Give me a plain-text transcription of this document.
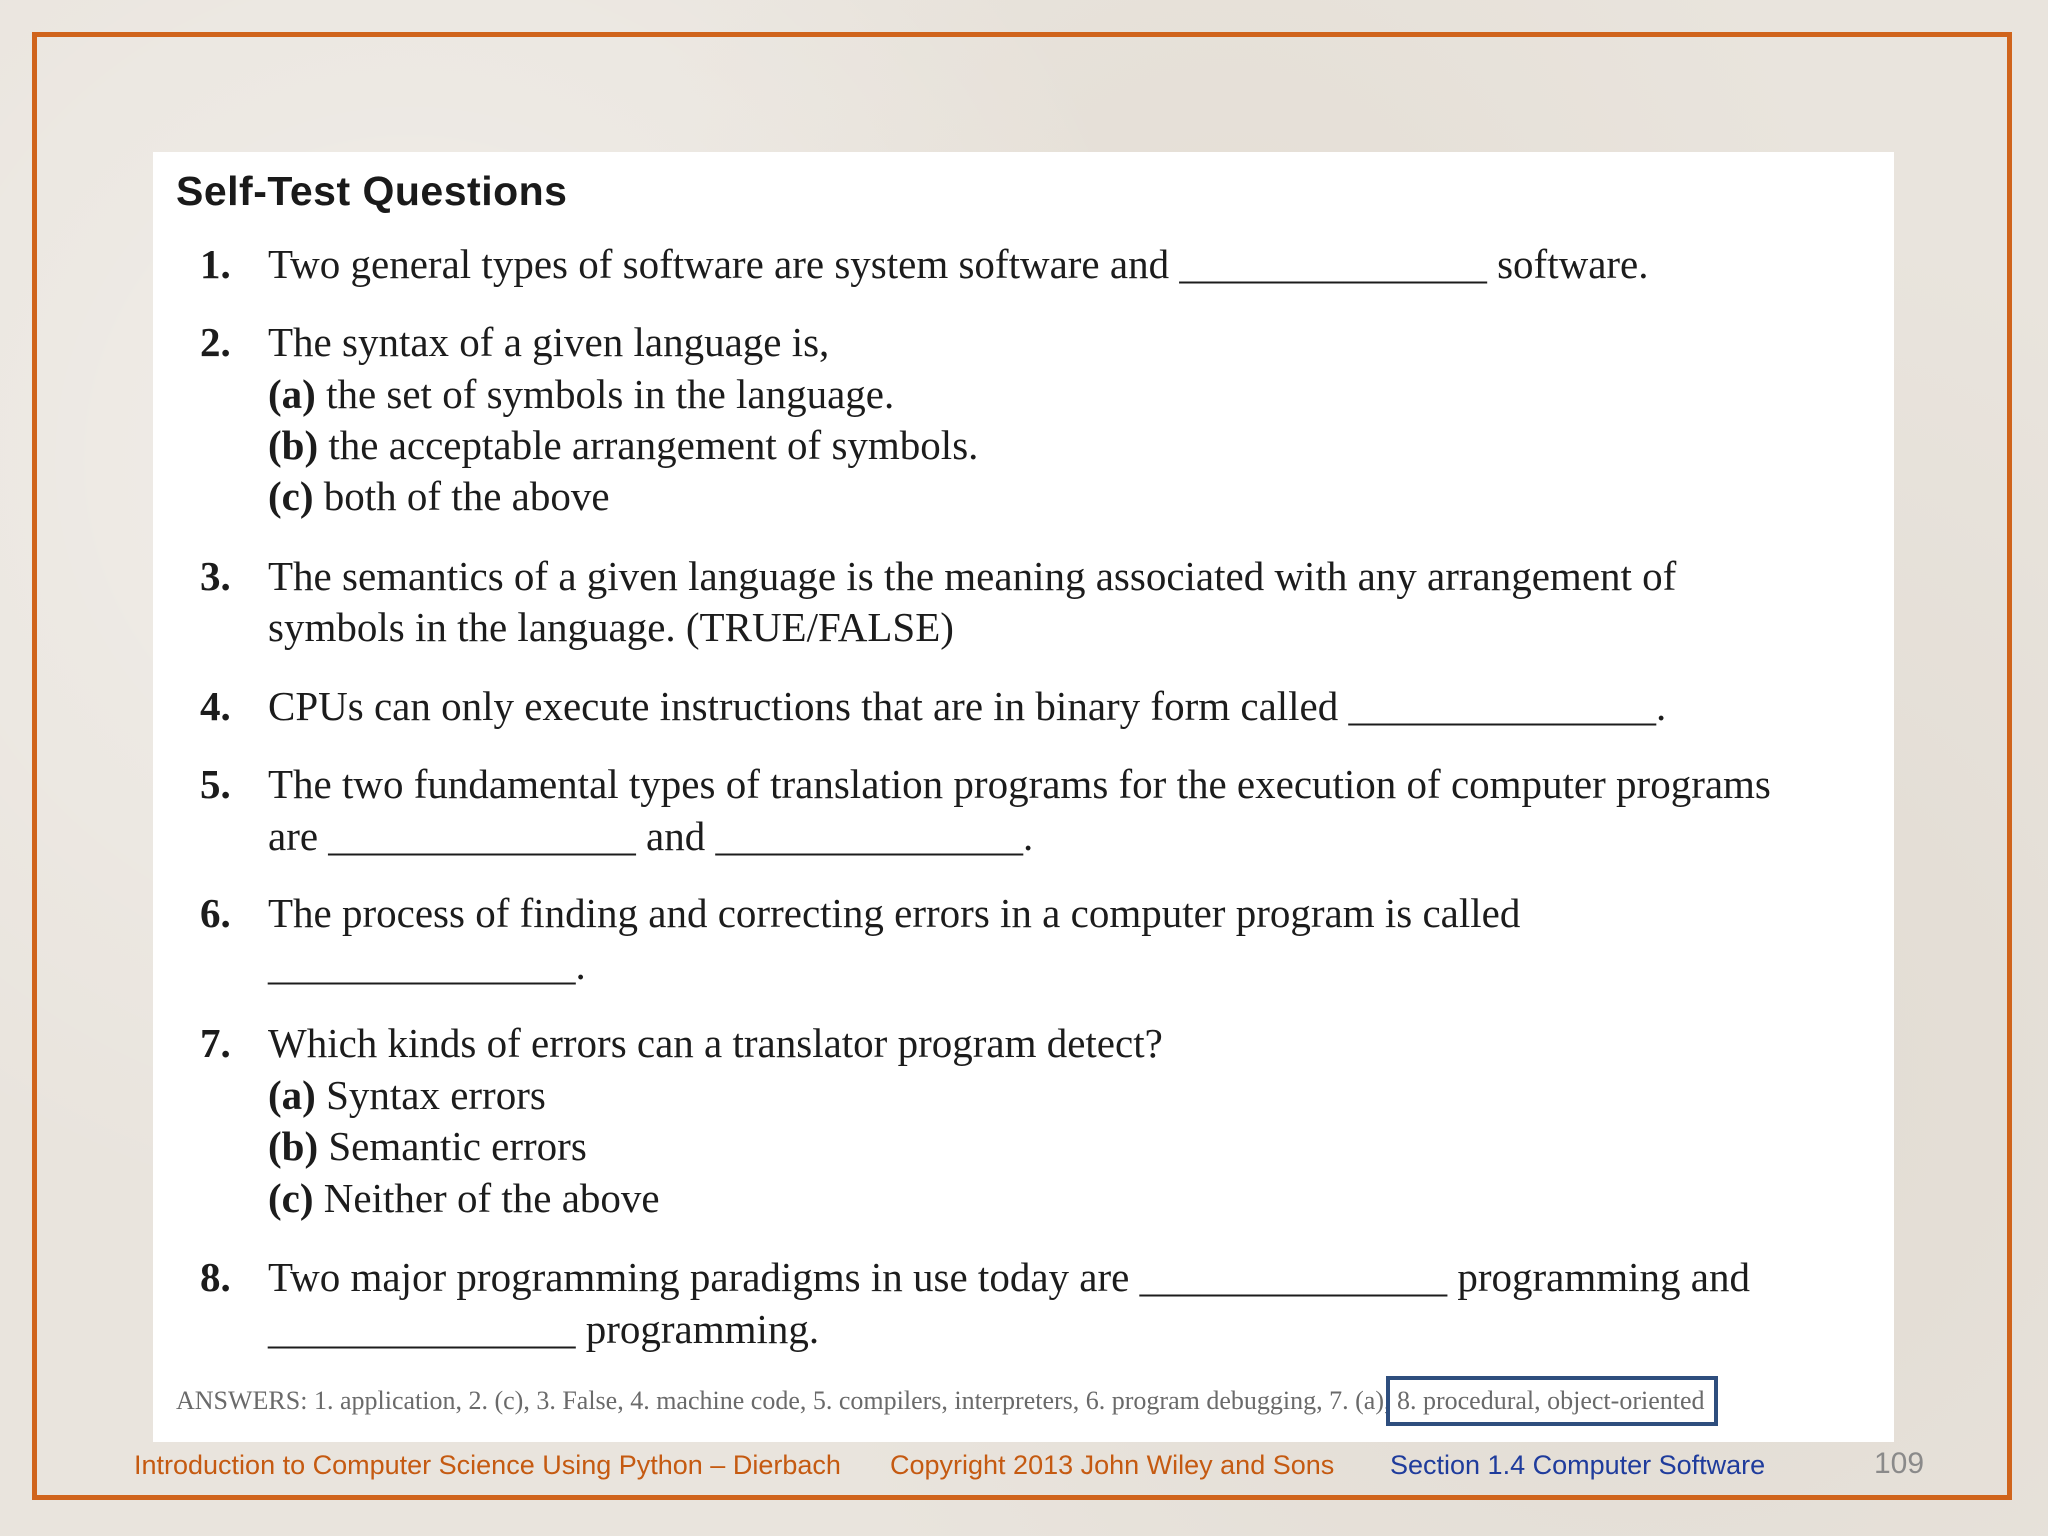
Self-Test Questions
1. Two general types of software are system software and _______________ software.
2. The syntax of a given language is,
(a) the set of symbols in the language.
(b) the acceptable arrangement of symbols.
(c) both of the above
3. The semantics of a given language is the meaning associated with any arrangement of
symbols in the language. (TRUE/FALSE)
4. CPUs can only execute instructions that are in binary form called _______________.
5. The two fundamental types of translation programs for the execution of computer programs
are _______________ and _______________.
6. The process of finding and correcting errors in a computer program is called
_______________.
7. Which kinds of errors can a translator program detect?
(a) Syntax errors
(b) Semantic errors
(c) Neither of the above
8. Two major programming paradigms in use today are _______________ programming and
_______________ programming.
ANSWERS: 1. application, 2. (c), 3. False, 4. machine code, 5. compilers, interpreters, 6. program debugging, 7. (a), 8. procedural, object-oriented
Introduction to Computer Science Using Python – Dierbach Copyright 2013 John Wiley and Sons Section 1.4 Computer Software	109
